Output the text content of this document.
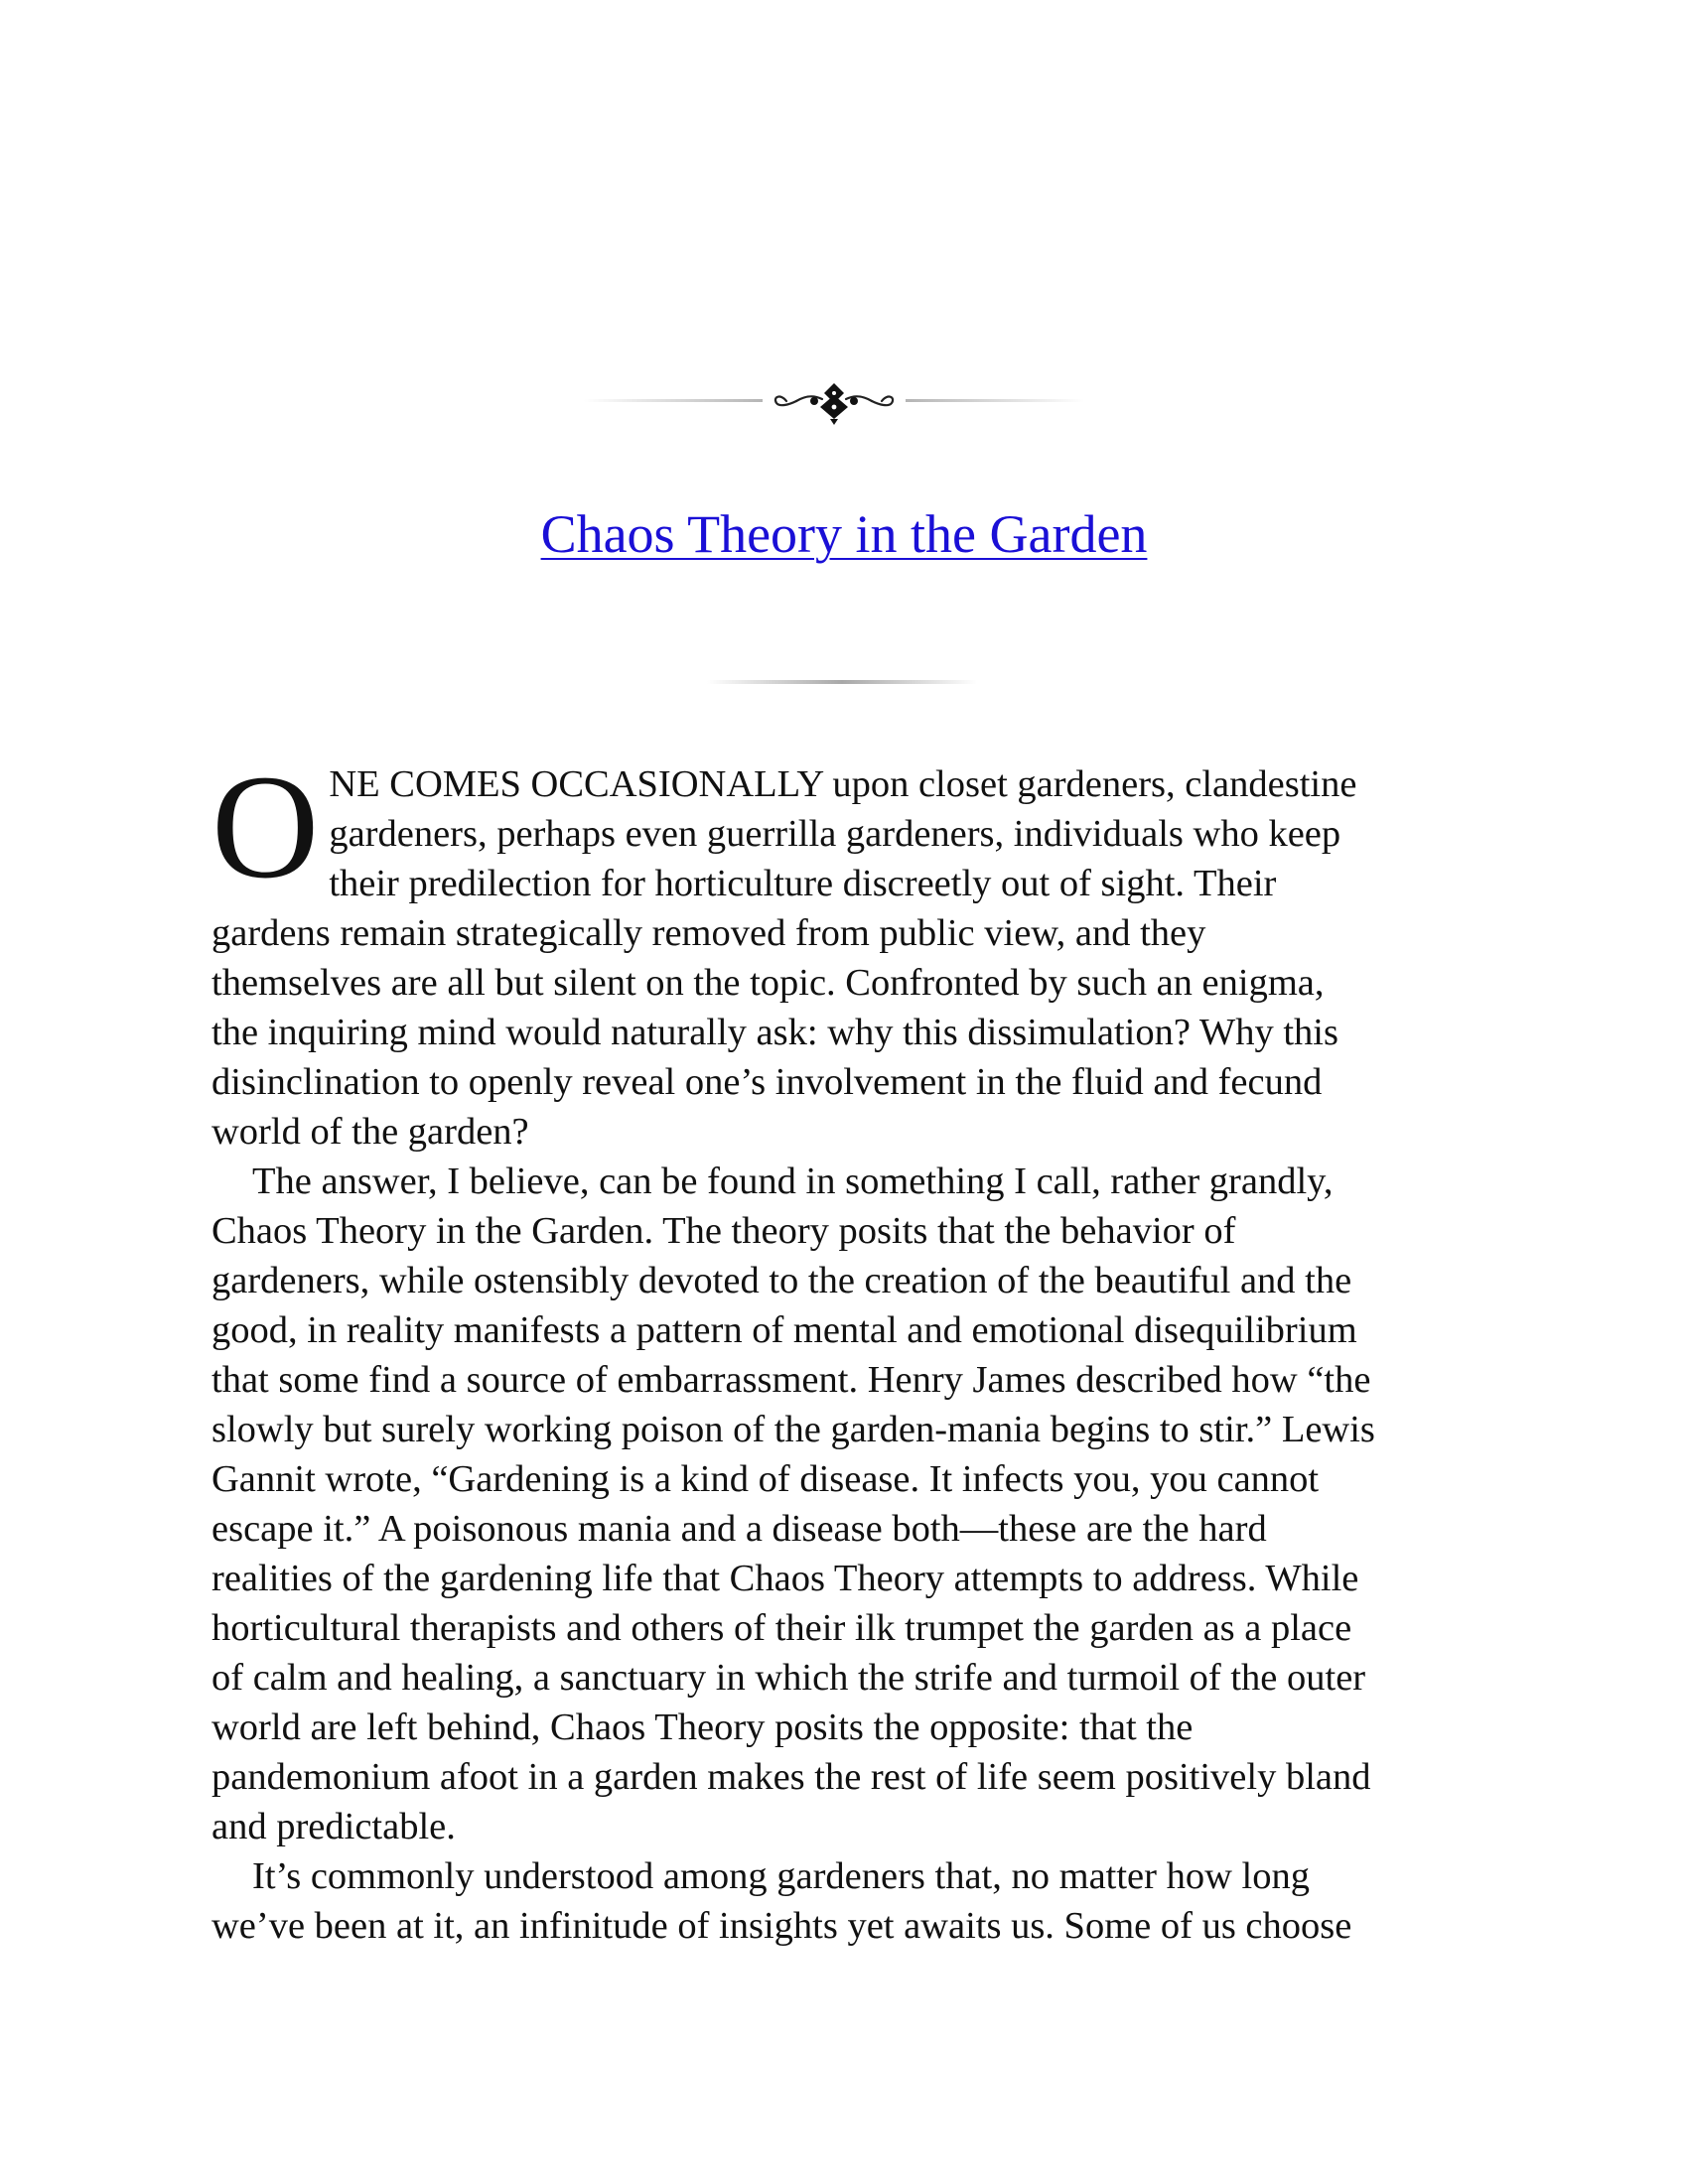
Chaos Theory in the Garden

ONE COMES OCCASIONALLY upon closet gardeners, clandestine
gardeners, perhaps even guerrilla gardeners, individuals who keep
their predilection for horticulture discreetly out of sight. Their
gardens remain strategically removed from public view, and they
themselves are all but silent on the topic. Confronted by such an enigma,
the inquiring mind would naturally ask: why this dissimulation? Why this
disinclination to openly reveal one’s involvement in the fluid and fecund
world of the garden?

The answer, I believe, can be found in something I call, rather grandly,
Chaos Theory in the Garden. The theory posits that the behavior of
gardeners, while ostensibly devoted to the creation of the beautiful and the
good, in reality manifests a pattern of mental and emotional disequilibrium
that some find a source of embarrassment. Henry James described how “the
slowly but surely working poison of the garden-mania begins to stir.” Lewis
Gannit wrote, “Gardening is a kind of disease. It infects you, you cannot
escape it.” A poisonous mania and a disease both—these are the hard
realities of the gardening life that Chaos Theory attempts to address. While
horticultural therapists and others of their ilk trumpet the garden as a place
of calm and healing, a sanctuary in which the strife and turmoil of the outer
world are left behind, Chaos Theory posits the opposite: that the
pandemonium afoot in a garden makes the rest of life seem positively bland
and predictable.

It’s commonly understood among gardeners that, no matter how long
we’ve been at it, an infinitude of insights yet awaits us. Some of us choose
